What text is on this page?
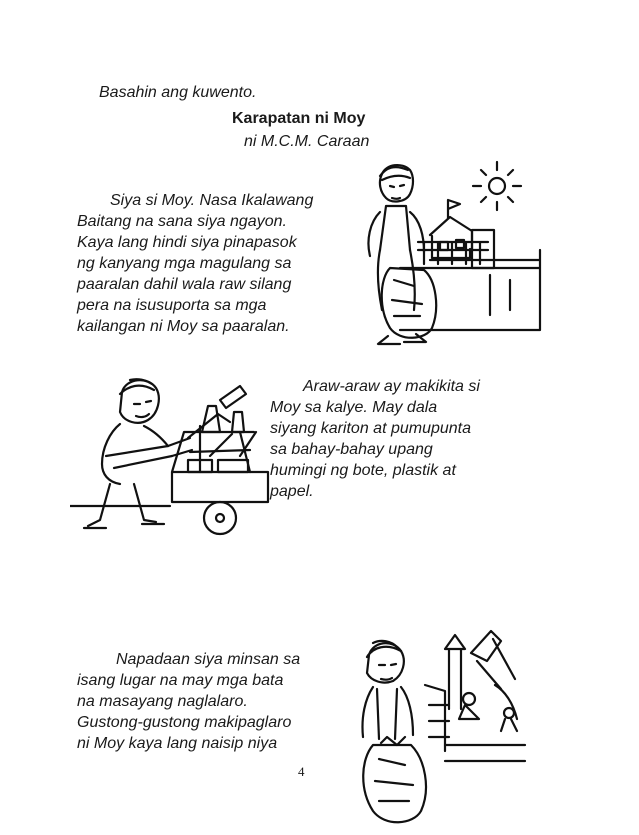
Basahin ang kuwento.
Karapatan ni Moy
ni M.C.M. Caraan
Siya si Moy. Nasa Ikalawang
Baitang na sana siya ngayon.
Kaya lang hindi siya pinapasok
ng kanyang mga magulang sa
paaralan dahil wala raw silang
pera na isusuporta sa mga
kailangan ni Moy sa paaralan.
Araw-araw ay makikita si
Moy sa kalye. May dala
siyang kariton at pumupunta
sa bahay-bahay upang
humingi ng bote, plastik at
papel.
Napadaan siya minsan sa
isang lugar na may mga bata
na masayang naglalaro.
Gustong-gustong makipaglaro
ni Moy kaya lang naisip niya
4
